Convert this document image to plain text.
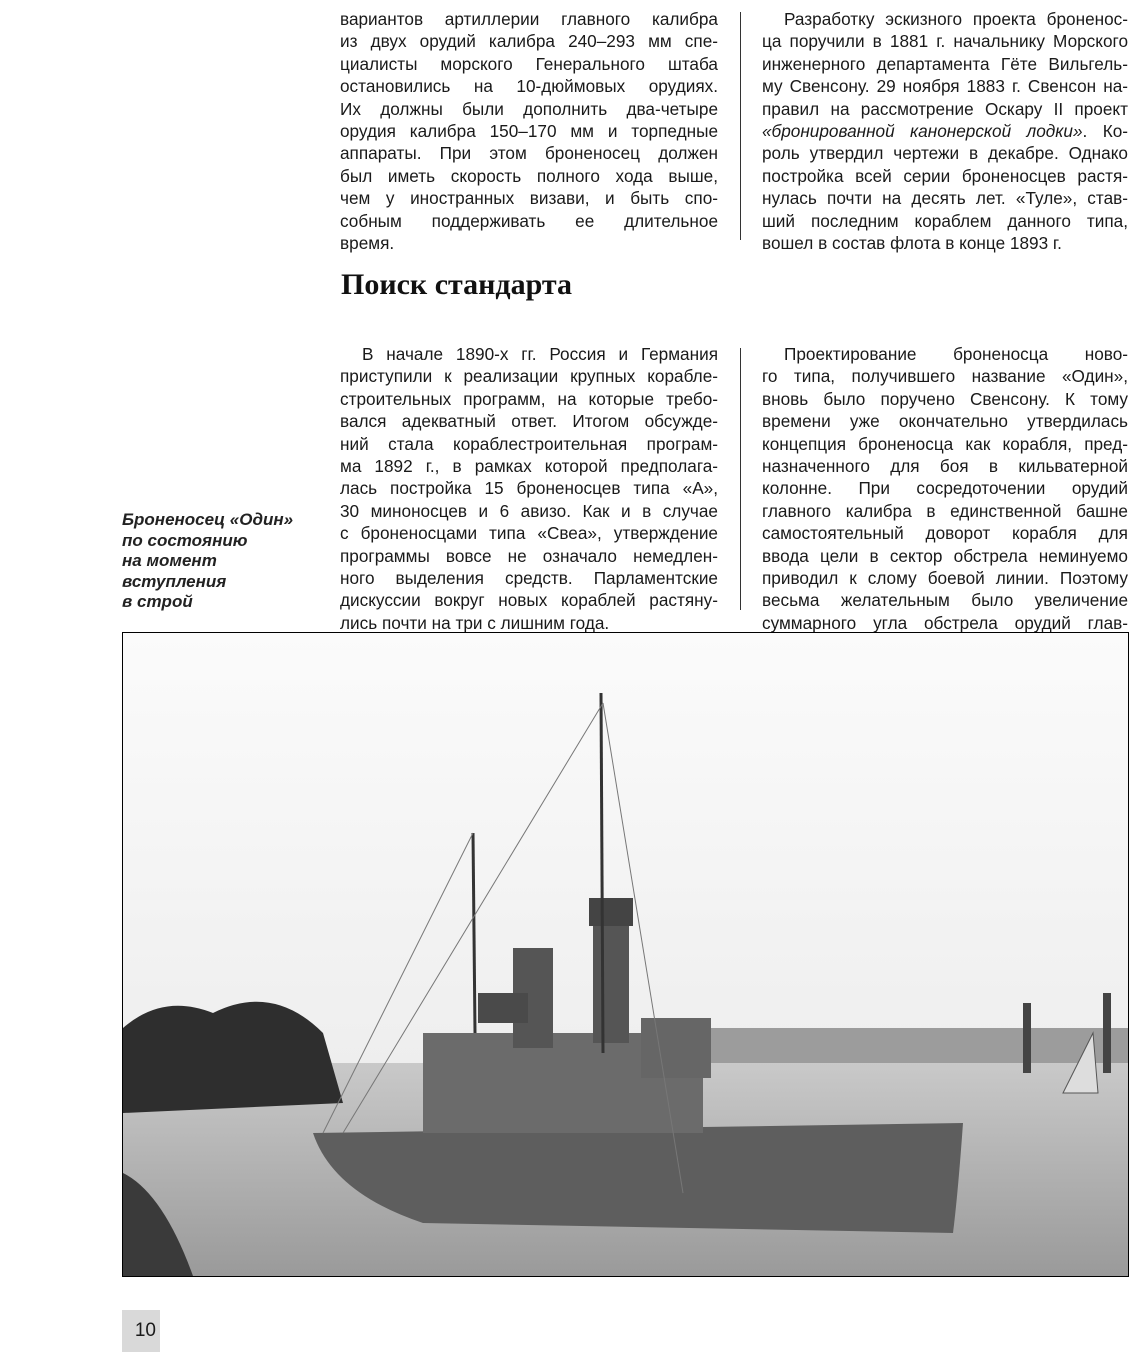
вариантов артиллерии главного калибра
из двух орудий калибра 240–293 мм спе-
циалисты морского Генерального штаба
остановились на 10-дюймовых орудиях.
Их должны были дополнить два-четыре
орудия калибра 150–170 мм и торпедные
аппараты. При этом броненосец должен
был иметь скорость полного хода выше,
чем у иностранных визави, и быть спо-
собным поддерживать ее длительное
время.
Разработку эскизного проекта броненос-
ца поручили в 1881 г. начальнику Морского
инженерного департамента Гёте Вильгель-
му Свенсону. 29 ноября 1883 г. Свенсон на-
правил на рассмотрение Оскару II проект
«бронированной канонерской лодки». Ко-
роль утвердил чертежи в декабре. Однако
постройка всей серии броненосцев растя-
нулась почти на десять лет. «Туле», став-
ший последним кораблем данного типа,
вошел в состав флота в конце 1893 г.
Поиск стандарта
Броненосец «Один»
по состоянию
на момент
вступления
в строй
В начале 1890-х гг. Россия и Германия
приступили к реализации крупных корабле-
строительных программ, на которые требо-
вался адекватный ответ. Итогом обсужде-
ний стала кораблестроительная програм-
ма 1892 г., в рамках которой предполага-
лась постройка 15 броненосцев типа «А»,
30 миноносцев и 6 авизо. Как и в случае
с броненосцами типа «Свеа», утверждение
программы вовсе не означало немедлен-
ного выделения средств. Парламентские
дискуссии вокруг новых кораблей растяну-
лись почти на три с лишним года.
Проектирование броненосца ново-
го типа, получившего название «Один»,
вновь было поручено Свенсону. К тому
времени уже окончательно утвердилась
концепция броненосца как корабля, пред-
назначенного для боя в кильватерной
колонне. При сосредоточении орудий
главного калибра в единственной башне
самостоятельный доворот корабля для
ввода цели в сектор обстрела неминуемо
приводил к слому боевой линии. Поэтому
весьма желательным было увеличение
суммарного угла обстрела орудий глав-
10
